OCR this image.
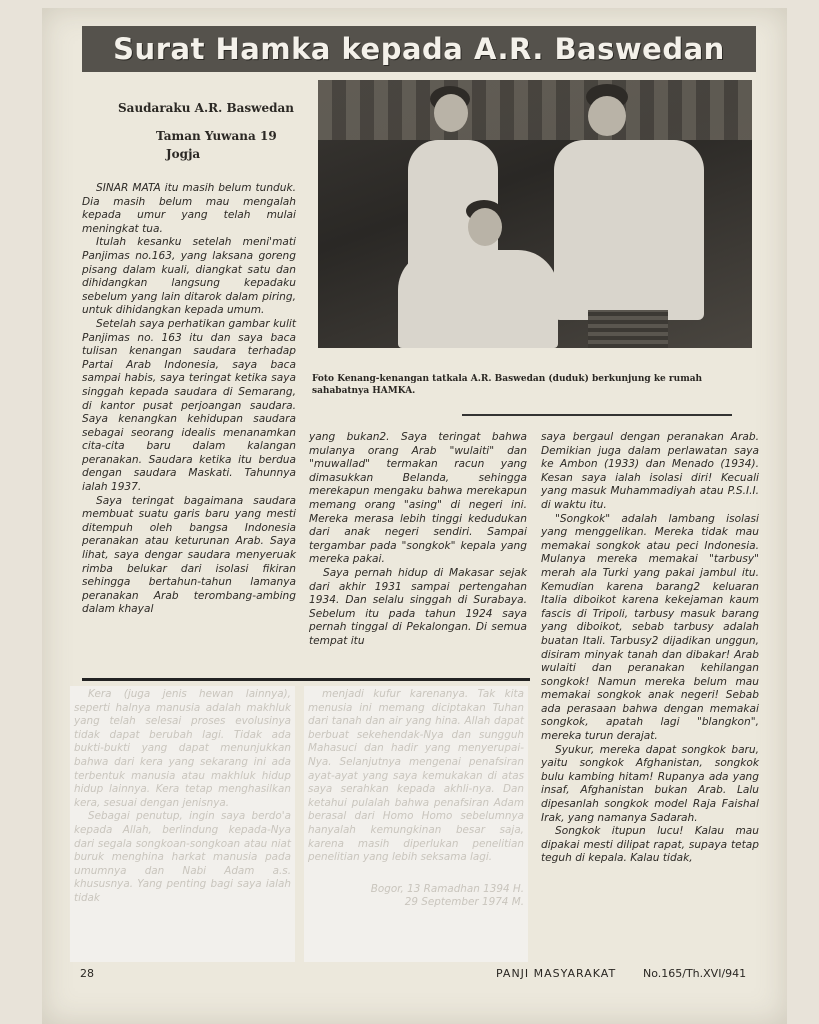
Surat Hamka kepada A.R. Baswedan
Saudaraku A.R. Baswedan
Taman Yuwana 19
Jogja
Foto Kenang-kenangan tatkala A.R. Baswedan (duduk) berkunjung ke rumah sahabatnya HAMKA.

SINAR MATA itu masih belum tunduk. Dia masih belum mau mengalah kepada umur yang telah mulai meningkat tua.

Itulah kesanku setelah meni'mati Panjimas no.163, yang laksana goreng pisang dalam kuali, diangkat satu dan dihidangkan langsung kepadaku sebelum yang lain ditarok dalam piring, untuk dihidangkan kepada umum.

Setelah saya perhatikan gambar kulit Panjimas no. 163 itu dan saya baca tulisan kenangan saudara terhadap Partai Arab Indonesia, saya baca sampai habis, saya teringat ketika saya singgah kepada saudara di Semarang, di kantor pusat perjoangan saudara. Saya kenangkan kehidupan saudara sebagai seorang idealis menanamkan cita-cita baru dalam kalangan peranakan. Saudara ketika itu berdua dengan saudara Maskati. Tahunnya ialah 1937.

Saya teringat bagaimana saudara membuat suatu garis baru yang mesti ditempuh oleh bangsa Indonesia peranakan atau keturunan Arab. Saya lihat, saya dengar saudara menyeruak rimba belukar dari isolasi fikiran sehingga bertahun-tahun lamanya peranakan Arab terombang-ambing dalam khayal

yang bukan2. Saya teringat bahwa mulanya orang Arab "wulaiti" dan "muwallad" termakan racun yang dimasukkan Belanda, sehingga merekapun mengaku bahwa merekapun memang orang "asing" di negeri ini. Mereka merasa lebih tinggi kedudukan dari anak negeri sendiri. Sampai tergambar pada "songkok" kepala yang mereka pakai.

Saya pernah hidup di Makasar sejak dari akhir 1931 sampai pertengahan 1934. Dan selalu singgah di Surabaya. Sebelum itu pada tahun 1924 saya pernah tinggal di Pekalongan. Di semua tempat itu

saya bergaul dengan peranakan Arab. Demikian juga dalam perlawatan saya ke Ambon (1933) dan Menado (1934). Kesan saya ialah isolasi diri! Kecuali yang masuk Muhammadiyah atau P.S.I.I. di waktu itu.

"Songkok" adalah lambang isolasi yang menggelikan. Mereka tidak mau memakai songkok atau peci Indonesia. Mulanya mereka memakai "tarbusy" merah ala Turki yang pakai jambul itu. Kemudian karena barang2 keluaran Italia diboikot karena kekejaman kaum fascis di Tripoli, tarbusy masuk barang yang diboikot, sebab tarbusy adalah buatan Itali. Tarbusy2 dijadikan unggun, disiram minyak tanah dan dibakar! Arab wulaiti dan peranakan kehilangan songkok! Namun mereka belum mau memakai songkok anak negeri! Sebab ada perasaan bahwa dengan memakai songkok, apatah lagi "blangkon", mereka turun derajat.

Syukur, mereka dapat songkok baru, yaitu songkok Afghanistan, songkok bulu kambing hitam! Rupanya ada yang insaf, Afghanistan bukan Arab. Lalu dipesanlah songkok model Raja Faishal Irak, yang namanya Sadarah.

Songkok itupun lucu! Kalau mau dipakai mesti dilipat rapat, supaya tetap teguh di kepala. Kalau tidak,

Kera (juga jenis hewan lainnya), seperti halnya manusia adalah makhluk yang telah selesai proses evolusinya tidak dapat berubah lagi. Tidak ada bukti-bukti yang dapat menunjukkan bahwa dari kera yang sekarang ini ada terbentuk manusia atau makhluk hidup hidup lainnya. Kera tetap menghasilkan kera, sesuai dengan jenisnya.

Sebagai penutup, ingin saya berdo'a kepada Allah, berlindung kepada-Nya dari segala songkoan-songkoan atau niat buruk menghina harkat manusia pada umumnya dan Nabi Adam a.s. khususnya. Yang penting bagi saya ialah tidak

menjadi kufur karenanya. Tak kita menusia ini memang diciptakan Tuhan dari tanah dan air yang hina. Allah dapat berbuat sekehendak-Nya dan sungguh Mahasuci dan hadir yang menyerupai-Nya. Selanjutnya mengenai penafsiran ayat-ayat yang saya kemukakan di atas saya serahkan kepada akhli-nya. Dan ketahui pulalah bahwa penafsiran Adam berasal dari Homo Homo sebelumnya hanyalah kemungkinan besar saja, karena masih diperlukan penelitian penelitian yang lebih seksama lagi.

Bogor, 13 Ramadhan 1394 H.
29 September 1974 M.
28	PANJI MASYARAKAT No.165/Th.XVI/941
